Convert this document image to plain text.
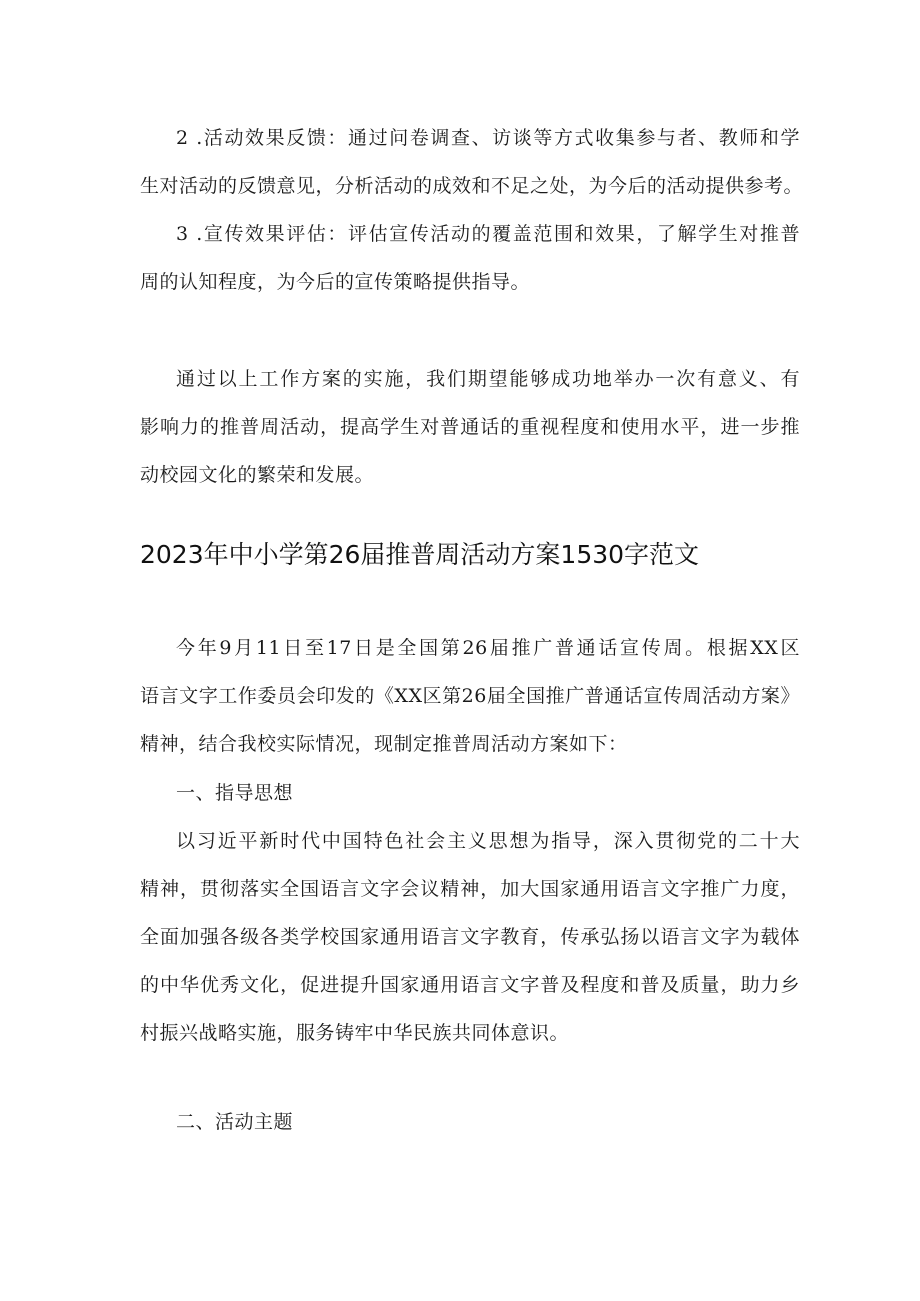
2 .活动效果反馈：通过问卷调查、访谈等方式收集参与者、教师和学
生对活动的反馈意见，分析活动的成效和不足之处，为今后的活动提供参考。
3 .宣传效果评估：评估宣传活动的覆盖范围和效果，了解学生对推普
周的认知程度，为今后的宣传策略提供指导。
通过以上工作方案的实施，我们期望能够成功地举办一次有意义、有
影响力的推普周活动，提高学生对普通话的重视程度和使用水平，进一步推
动校园文化的繁荣和发展。
2023年中小学第26届推普周活动方案1530字范文
今年9月11日至17日是全国第26届推广普通话宣传周。根据XX区
语言文字工作委员会印发的《XX区第26届全国推广普通话宣传周活动方案》
精神，结合我校实际情况，现制定推普周活动方案如下：
一、指导思想
以习近平新时代中国特色社会主义思想为指导，深入贯彻党的二十大
精神，贯彻落实全国语言文字会议精神，加大国家通用语言文字推广力度，
全面加强各级各类学校国家通用语言文字教育，传承弘扬以语言文字为载体
的中华优秀文化，促进提升国家通用语言文字普及程度和普及质量，助力乡
村振兴战略实施，服务铸牢中华民族共同体意识。
二、活动主题
